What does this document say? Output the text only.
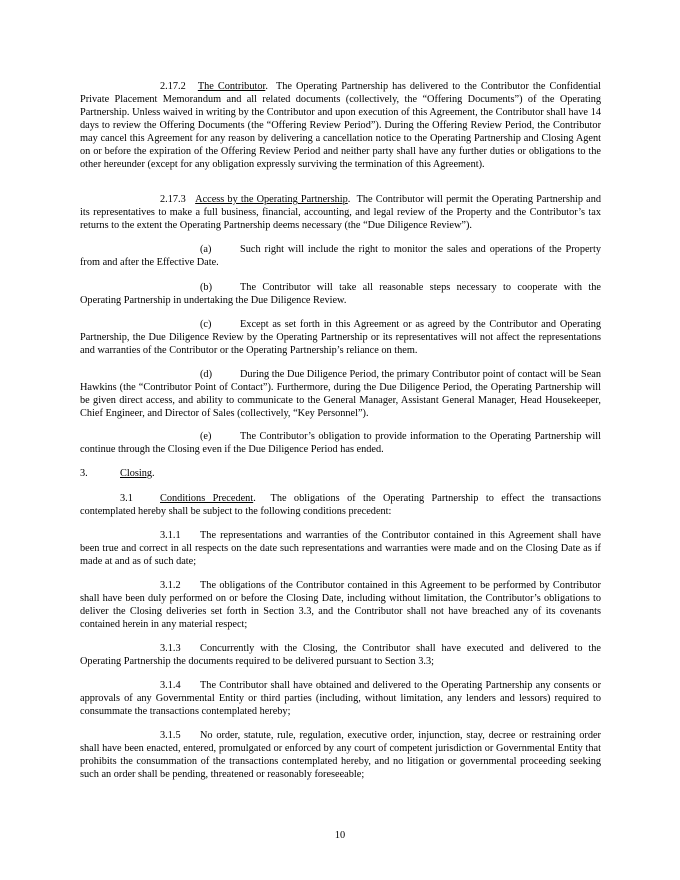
2.17.2 The Contributor. The Operating Partnership has delivered to the Contributor the Confidential Private Placement Memorandum and all related documents (collectively, the “Offering Documents”) of the Operating Partnership. Unless waived in writing by the Contributor and upon execution of this Agreement, the Contributor shall have 14 days to review the Offering Documents (the “Offering Review Period”). During the Offering Review Period, the Contributor may cancel this Agreement for any reason by delivering a cancellation notice to the Operating Partnership and Closing Agent on or before the expiration of the Offering Review Period and neither party shall have any further duties or obligations to the other hereunder (except for any obligation expressly surviving the termination of this Agreement).

2.17.3 Access by the Operating Partnership. The Contributor will permit the Operating Partnership and its representatives to make a full business, financial, accounting, and legal review of the Property and the Contributor’s tax returns to the extent the Operating Partnership deems necessary (the “Due Diligence Review”).

(a)	Such right will include the right to monitor the sales and operations of the Property from and after the Effective Date.

(b)	The Contributor will take all reasonable steps necessary to cooperate with the Operating Partnership in undertaking the Due Diligence Review.

(c)	Except as set forth in this Agreement or as agreed by the Contributor and Operating Partnership, the Due Diligence Review by the Operating Partnership or its representatives will not affect the representations and warranties of the Contributor or the Operating Partnership’s reliance on them.

(d)	During the Due Diligence Period, the primary Contributor point of contact will be Sean Hawkins (the “Contributor Point of Contact”). Furthermore, during the Due Diligence Period, the Operating Partnership will be given direct access, and ability to communicate to the General Manager, Assistant General Manager, Head Housekeeper, Chief Engineer, and Director of Sales (collectively, “Key Personnel”).

(e)	The Contributor’s obligation to provide information to the Operating Partnership will continue through the Closing even if the Due Diligence Period has ended.

3.	Closing.

3.1	Conditions Precedent. The obligations of the Operating Partnership to effect the transactions contemplated hereby shall be subject to the following conditions precedent:

3.1.1 The representations and warranties of the Contributor contained in this Agreement shall have been true and correct in all respects on the date such representations and warranties were made and on the Closing Date as if made at and as of such date;

3.1.2 The obligations of the Contributor contained in this Agreement to be performed by Contributor shall have been duly performed on or before the Closing Date, including without limitation, the Contributor’s obligations to deliver the Closing deliveries set forth in Section 3.3, and the Contributor shall not have breached any of its covenants contained herein in any material respect;

3.1.3 Concurrently with the Closing, the Contributor shall have executed and delivered to the Operating Partnership the documents required to be delivered pursuant to Section 3.3;

3.1.4 The Contributor shall have obtained and delivered to the Operating Partnership any consents or approvals of any Governmental Entity or third parties (including, without limitation, any lenders and lessors) required to consummate the transactions contemplated hereby;

3.1.5 No order, statute, rule, regulation, executive order, injunction, stay, decree or restraining order shall have been enacted, entered, promulgated or enforced by any court of competent jurisdiction or Governmental Entity that prohibits the consummation of the transactions contemplated hereby, and no litigation or governmental proceeding seeking such an order shall be pending, threatened or reasonably foreseeable;

10
